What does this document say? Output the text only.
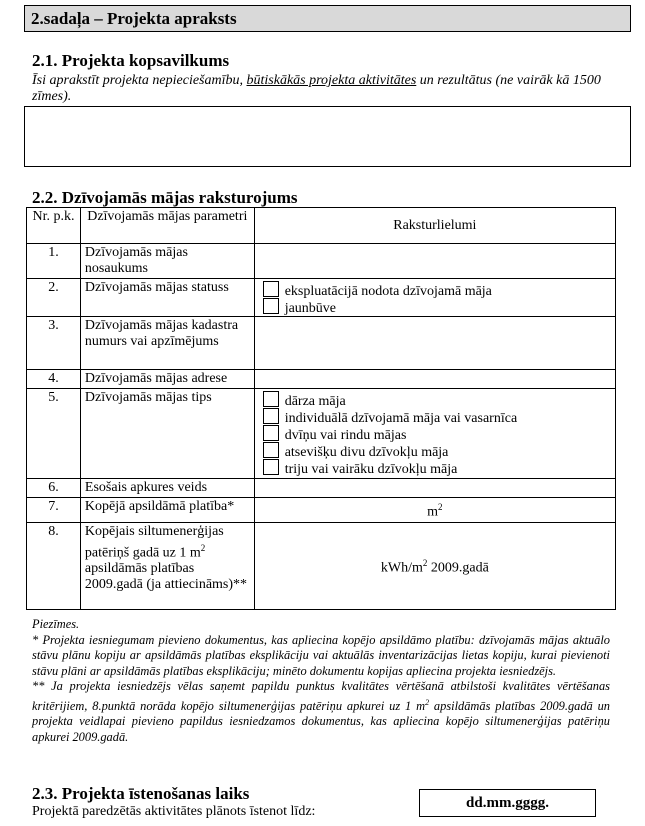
2.sadaļa – Projekta apraksts
2.1. Projekta kopsavilkums
Īsi aprakstīt projekta nepieciešamību, būtiskākās projekta aktivitātes un rezultātus (ne vairāk kā 1500 zīmes).
2.2. Dzīvojamās mājas raksturojums
Nr. p.k.	Dzīvojamās mājas parametri	Raksturlielumi
1.	Dzīvojamās mājas nosaukums	
2.	Dzīvojamās mājas statuss	ekspluatācijā nodota dzīvojamā māja
jaunbūve

3.	Dzīvojamās mājas kadastra numurs vai apzīmējums	
4.	Dzīvojamās mājas adrese	
5.	Dzīvojamās mājas tips	dārza māja
individuālā dzīvojamā māja vai vasarnīca
dvīņu vai rindu mājas
atsevišķu divu dzīvokļu māja
triju vai vairāku dzīvokļu māja

6.	Esošais apkures veids	
7.	Kopējā apsildāmā platība*	$m^2$
8.	Kopējais siltumenerģijas patēriņš gadā uz 1 $m^2$ apsildāmās platības 2009.gadā (ja attiecināms)**	kWh/$m^2$ 2009.gadā

Piezīmes.

* Projekta iesniegumam pievieno dokumentus, kas apliecina kopējo apsildāmo platību: dzīvojamās mājas aktuālo stāvu plānu kopiju ar apsildāmās platības eksplikāciju vai aktuālās inventarizācijas lietas kopiju, kurai pievienoti stāvu plāni ar apsildāmās platības eksplikāciju; minēto dokumentu kopijas apliecina projekta iesniedzējs.

** Ja projekta iesniedzējs vēlas saņemt papildu punktus kvalitātes vērtēšanā atbilstoši kvalitātes vērtēšanas kritērijiem, 8.punktā norāda kopējo siltumenerģijas patēriņu apkurei uz 1 $m^2$ apsildāmās platības 2009.gadā un projekta veidlapai pievieno papildus iesniedzamos dokumentus, kas apliecina kopējo siltumenerģijas patēriņu apkurei 2009.gadā.

2.3. Projekta īstenošanas laiks
Projektā paredzētās aktivitātes plānots īstenot līdz:
dd.mm.gggg.
